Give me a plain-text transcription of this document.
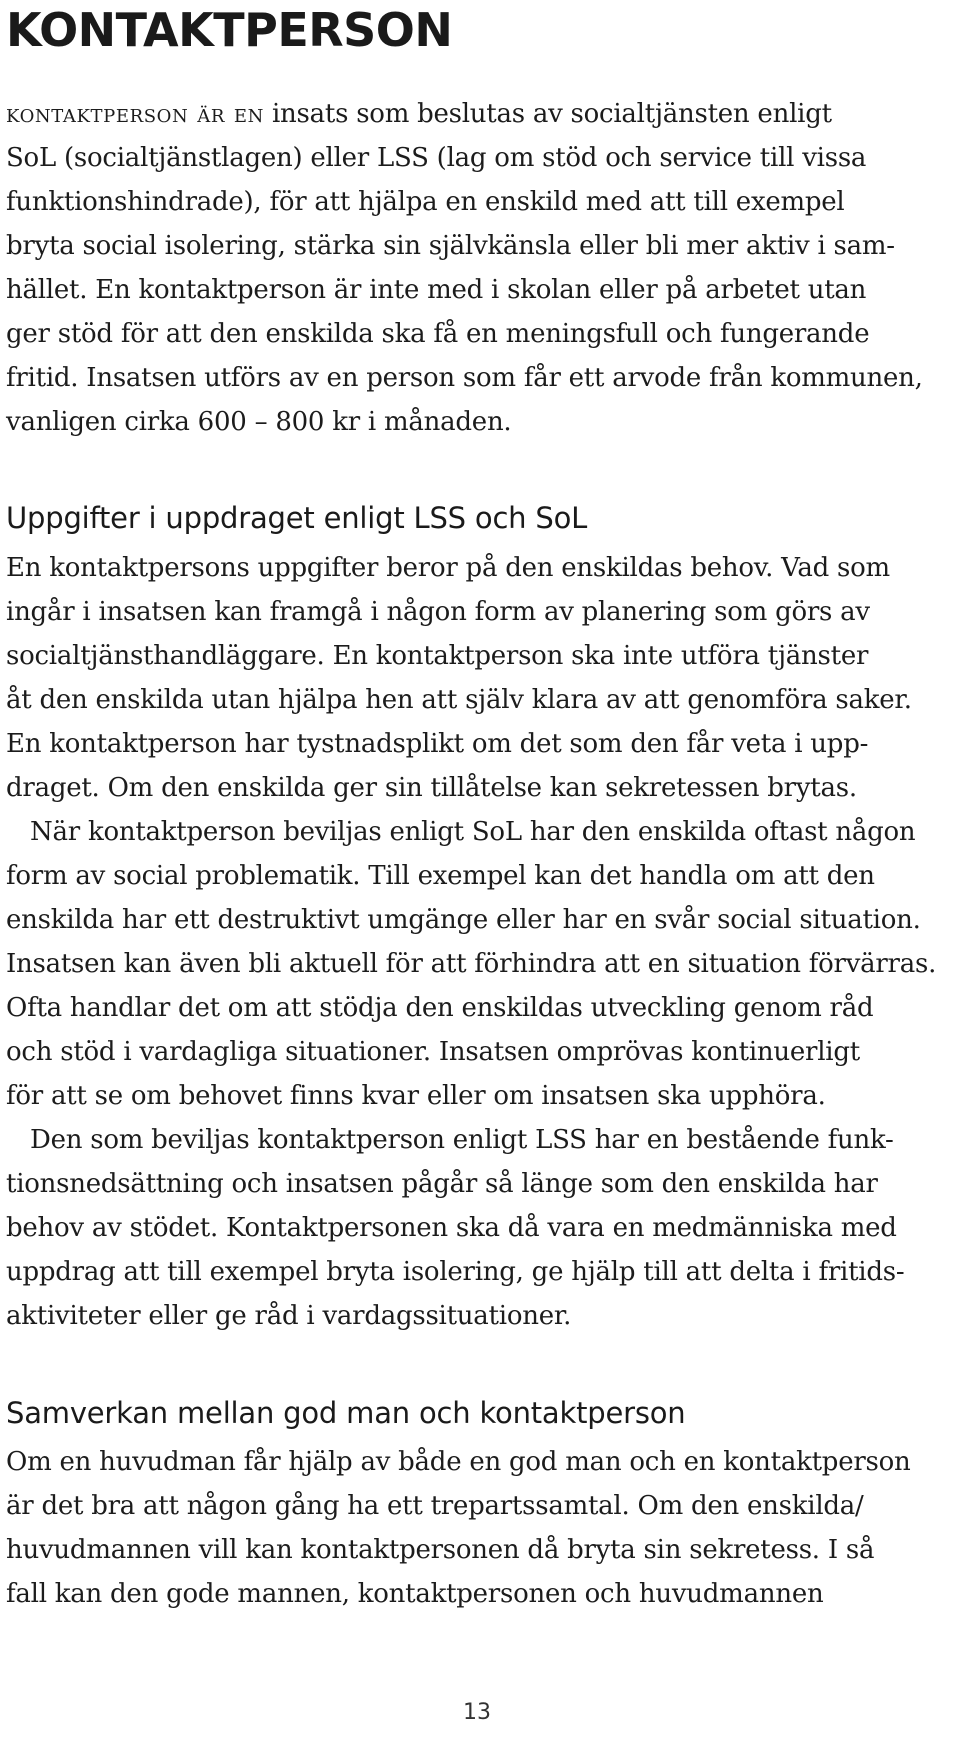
KONTAKTPERSON
kontaktperson är en insats som beslutas av socialtjänsten enligt
SoL (socialtjänstlagen) eller LSS (lag om stöd och service till vissa
funktionshindrade), för att hjälpa en enskild med att till exempel
bryta social isolering, stärka sin självkänsla eller bli mer aktiv i sam-
hället. En kontaktperson är inte med i skolan eller på arbetet utan
ger stöd för att den enskilda ska få en meningsfull och fungerande
fritid. Insatsen utförs av en person som får ett arvode från kommunen,
vanligen cirka 600 – 800 kr i månaden.
Uppgifter i uppdraget enligt LSS och SoL
En kontaktpersons uppgifter beror på den enskildas behov. Vad som
ingår i insatsen kan framgå i någon form av planering som görs av
socialtjänsthandläggare. En kontaktperson ska inte utföra tjänster
åt den enskilda utan hjälpa hen att själv klara av att genomföra saker.
En kontaktperson har tystnadsplikt om det som den får veta i upp-
draget. Om den enskilda ger sin tillåtelse kan sekretessen brytas.
När kontaktperson beviljas enligt SoL har den enskilda oftast någon
form av social problematik. Till exempel kan det handla om att den
enskilda har ett destruktivt umgänge eller har en svår social situation.
Insatsen kan även bli aktuell för att förhindra att en situation förvärras.
Ofta handlar det om att stödja den enskildas utveckling genom råd
och stöd i vardagliga situationer. Insatsen omprövas kontinuerligt
för att se om behovet finns kvar eller om insatsen ska upphöra.
Den som beviljas kontaktperson enligt LSS har en bestående funk-
tionsnedsättning och insatsen pågår så länge som den enskilda har
behov av stödet. Kontaktpersonen ska då vara en medmänniska med
uppdrag att till exempel bryta isolering, ge hjälp till att delta i fritids-
aktiviteter eller ge råd i vardagssituationer.
Samverkan mellan god man och kontaktperson
Om en huvudman får hjälp av både en god man och en kontaktperson
är det bra att någon gång ha ett trepartssamtal. Om den enskilda/
huvudmannen vill kan kontaktpersonen då bryta sin sekretess. I så
fall kan den gode mannen, kontaktpersonen och huvudmannen
13
